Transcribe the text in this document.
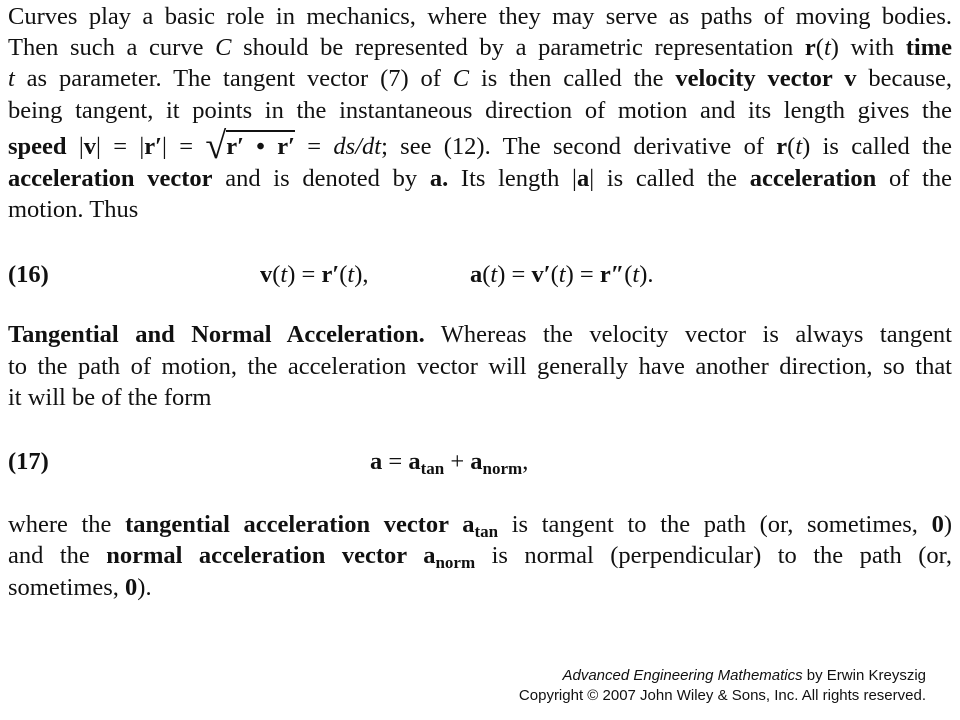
Curves play a basic role in mechanics, where they may serve as paths of moving bodies.
Then such a curve C should be represented by a parametric representation r(t) with time
t as parameter. The tangent vector (7) of C is then called the velocity vector v because,
being tangent, it points in the instantaneous direction of motion and its length gives the
speed |v| = |r′| = √r′ • r′ = ds/dt; see (12). The second derivative of r(t) is called the
acceleration vector and is denoted by a. Its length |a| is called the acceleration of the
motion. Thus
(16)	v(t) = r′(t),	a(t) = v′(t) = r″(t).
Tangential and Normal Acceleration. Whereas the velocity vector is always tangent
to the path of motion, the acceleration vector will generally have another direction, so that
it will be of the form
(17)	$a = a_{tan} + a_{norm}$,
where the tangential acceleration vector $a_{tan}$ is tangent to the path (or, sometimes, 0)
and the normal acceleration vector $a_{norm}$ is normal (perpendicular) to the path (or,
sometimes, 0).
Advanced Engineering Mathematics by Erwin Kreyszig
Copyright © 2007 John Wiley & Sons, Inc. All rights reserved.
